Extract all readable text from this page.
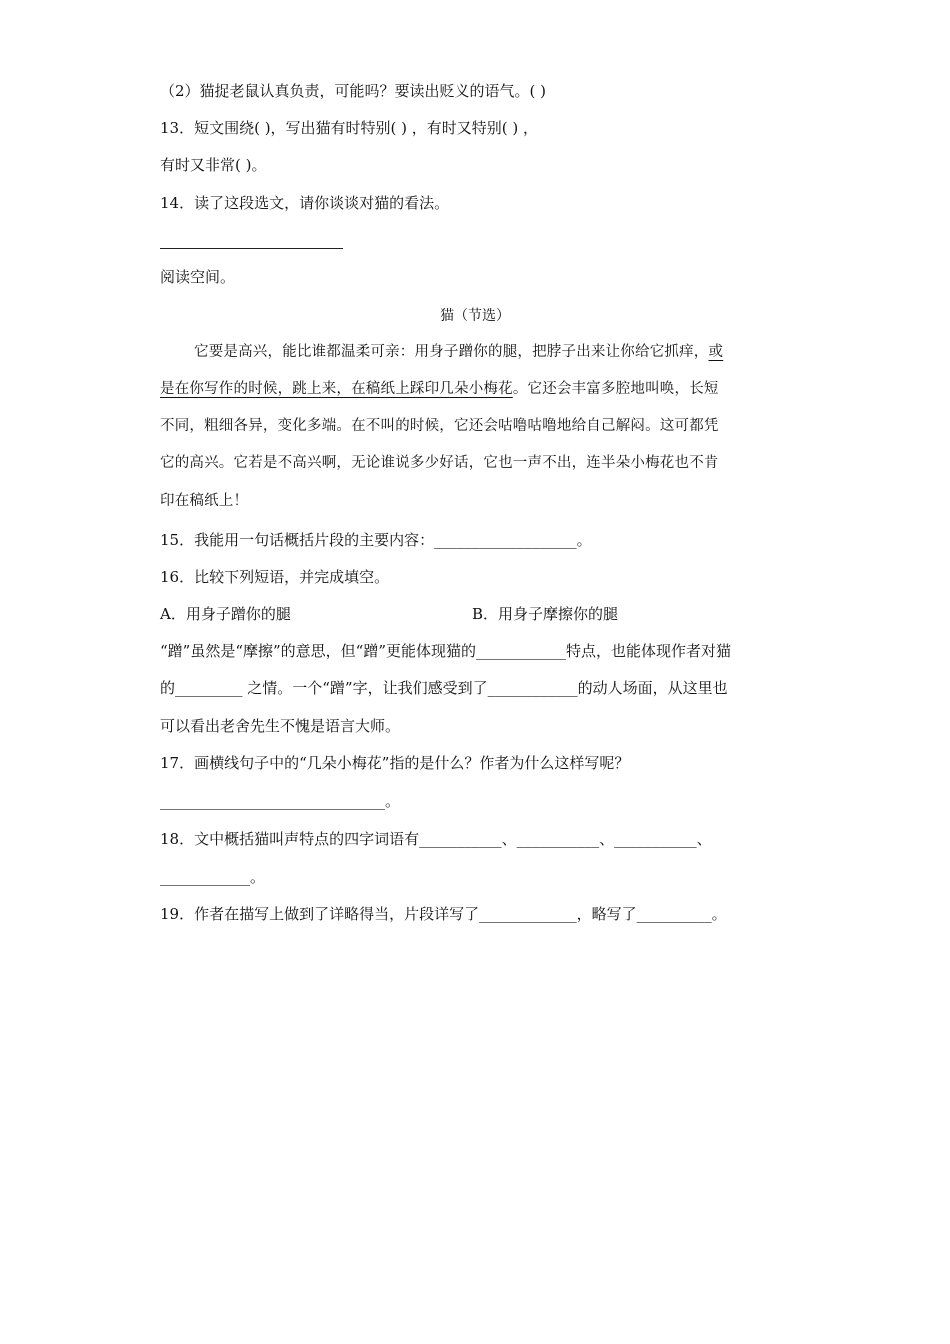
（2）猫捉老鼠认真负责，可能吗？要读出贬义的语气。( )
13．短文围绕( )，写出猫有时特别( ) ，有时又特别( ) ，
有时又非常( )。
14．读了这段选文，请你谈谈对猫的看法。
阅读空间。
猫（节选）
它要是高兴，能比谁都温柔可亲：用身子蹭你的腿，把脖子出来让你给它抓痒，或
是在你写作的时候，跳上来，在稿纸上踩印几朵小梅花。它还会丰富多腔地叫唤，长短
不同，粗细各异，变化多端。在不叫的时候，它还会咕噜咕噜地给自己解闷。这可都凭
它的高兴。它若是不高兴啊，无论谁说多少好话，它也一声不出，连半朵小梅花也不肯
印在稿纸上！
15．我能用一句话概括片段的主要内容：___________________。
16．比较下列短语，并完成填空。
A．用身子蹭你的腿	B．用身子摩擦你的腿
“蹭”虽然是“摩擦”的意思，但“蹭”更能体现猫的____________特点，也能体现作者对猫
的_________ 之情。一个“蹭”字，让我们感受到了____________的动人场面，从这里也
可以看出老舍先生不愧是语言大师。
17．画横线句子中的“几朵小梅花”指的是什么？作者为什么这样写呢？
______________________________。
18．文中概括猫叫声特点的四字词语有___________、___________、___________、
____________。
19．作者在描写上做到了详略得当，片段详写了_____________，略写了__________。
